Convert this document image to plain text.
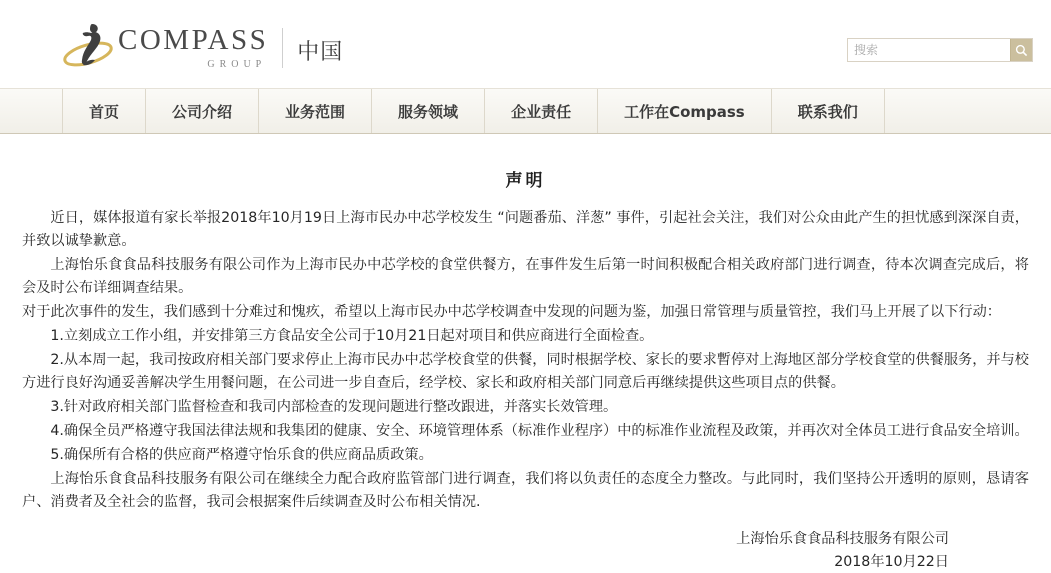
COMPASS
GROUP 中国
搜索
首页	公司介绍	业务范围	服务领域	企业责任	工作在Compass	联系我们
声明

近日，媒体报道有家长举报2018年10月19日上海市民办中芯学校发生 “问题番茄、洋葱” 事件，引起社会关注，我们对公众由此产生的担忧感到深深自责，并致以诚挚歉意。

上海怡乐食食品科技服务有限公司作为上海市民办中芯学校的食堂供餐方，在事件发生后第一时间积极配合相关政府部门进行调查，待本次调查完成后，将会及时公布详细调查结果。

对于此次事件的发生，我们感到十分难过和愧疚，希望以上海市民办中芯学校调查中发现的问题为鉴，加强日常管理与质量管控，我们马上开展了以下行动：

1.立刻成立工作小组，并安排第三方食品安全公司于10月21日起对项目和供应商进行全面检查。

2.从本周一起，我司按政府相关部门要求停止上海市民办中芯学校食堂的供餐，同时根据学校、家长的要求暫停对上海地区部分学校食堂的供餐服务，并与校方进行良好沟通妥善解决学生用餐问题，在公司进一步自查后，经学校、家长和政府相关部门同意后再继续提供这些项目点的供餐。

3.针对政府相关部门监督检查和我司内部检查的发现问题进行整改跟进，并落实长效管理。

4.确保全员严格遵守我国法律法规和我集团的健康、安全、环境管理体系（标准作业程序）中的标准作业流程及政策，并再次对全体员工进行食品安全培训。

5.确保所有合格的供应商严格遵守怡乐食的供应商品质政策。

上海怡乐食食品科技服务有限公司在继续全力配合政府监管部门进行调查，我们将以负责任的态度全力整改。与此同时，我们坚持公开透明的原则，恳请客户、消费者及全社会的监督，我司会根据案件后续调查及时公布相关情况.

上海怡乐食食品科技服务有限公司
2018年10月22日
